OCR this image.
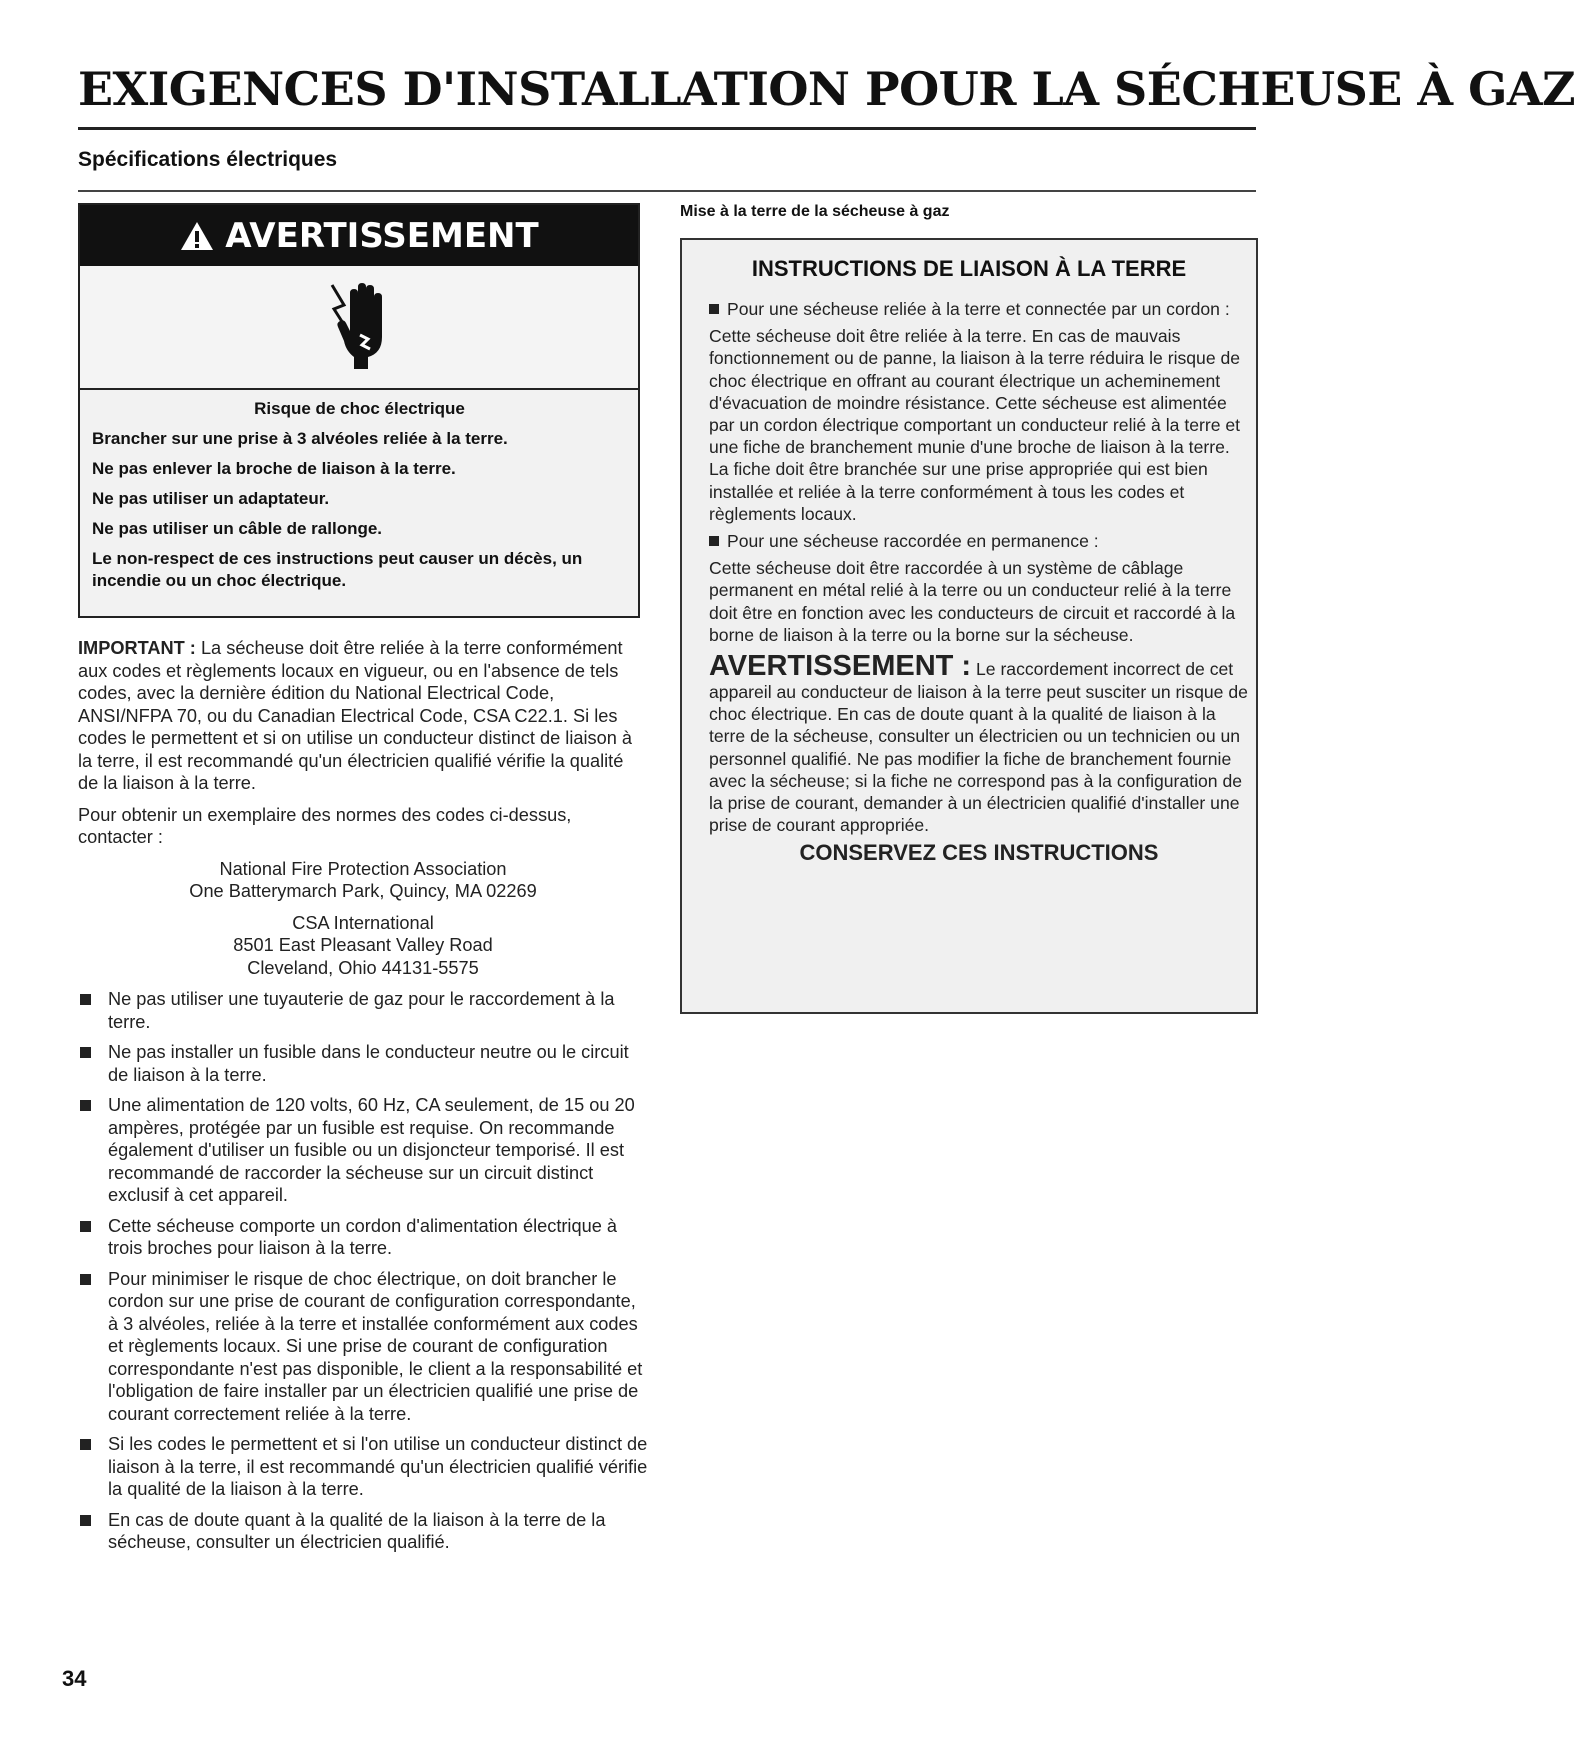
EXIGENCES D'INSTALLATION POUR LA SÉCHEUSE À GAZ
Spécifications électriques
AVERTISSEMENT
Risque de choc électrique
Brancher sur une prise à 3 alvéoles reliée à la terre.
Ne pas enlever la broche de liaison à la terre.
Ne pas utiliser un adaptateur.
Ne pas utiliser un câble de rallonge.
Le non-respect de ces instructions peut causer un décès, un incendie ou un choc électrique.

IMPORTANT : La sécheuse doit être reliée à la terre conformément aux codes et règlements locaux en vigueur, ou en l'absence de tels codes, avec la dernière édition du National Electrical Code, ANSI/NFPA 70, ou du Canadian Electrical Code, CSA C22.1. Si les codes le permettent et si on utilise un conducteur distinct de liaison à la terre, il est recommandé qu'un électricien qualifié vérifie la qualité de la liaison à la terre.

Pour obtenir un exemplaire des normes des codes ci-dessus, contacter :

National Fire Protection Association

One Batterymarch Park, Quincy, MA 02269

CSA International

8501 East Pleasant Valley Road

Cleveland, Ohio 44131-5575

Ne pas utiliser une tuyauterie de gaz pour le raccordement à la terre.
Ne pas installer un fusible dans le conducteur neutre ou le circuit de liaison à la terre.
Une alimentation de 120 volts, 60 Hz, CA seulement, de 15 ou 20 ampères, protégée par un fusible est requise. On recommande également d'utiliser un fusible ou un disjoncteur temporisé. Il est recommandé de raccorder la sécheuse sur un circuit distinct exclusif à cet appareil.
Cette sécheuse comporte un cordon d'alimentation électrique à trois broches pour liaison à la terre.
Pour minimiser le risque de choc électrique, on doit brancher le cordon sur une prise de courant de configuration correspondante, à 3 alvéoles, reliée à la terre et installée conformément aux codes et règlements locaux. Si une prise de courant de configuration correspondante n'est pas disponible, le client a la responsabilité et l'obligation de faire installer par un électricien qualifié une prise de courant correctement reliée à la terre.
Si les codes le permettent et si l'on utilise un conducteur distinct de liaison à la terre, il est recommandé qu'un électricien qualifié vérifie la qualité de la liaison à la terre.
En cas de doute quant à la qualité de la liaison à la terre de la sécheuse, consulter un électricien qualifié.
Mise à la terre de la sécheuse à gaz
INSTRUCTIONS DE LIAISON À LA TERRE

Pour une sécheuse reliée à la terre et connectée par un cordon :

Cette sécheuse doit être reliée à la terre. En cas de mauvais fonctionnement ou de panne, la liaison à la terre réduira le risque de choc électrique en offrant au courant électrique un acheminement d'évacuation de moindre résistance. Cette sécheuse est alimentée par un cordon électrique comportant un conducteur relié à la terre et une fiche de branchement munie d'une broche de liaison à la terre. La fiche doit être branchée sur une prise appropriée qui est bien installée et reliée à la terre conformément à tous les codes et règlements locaux.

Pour une sécheuse raccordée en permanence :

Cette sécheuse doit être raccordée à un système de câblage permanent en métal relié à la terre ou un conducteur relié à la terre doit être en fonction avec les conducteurs de circuit et raccordé à la borne de liaison à la terre ou la borne sur la sécheuse.

AVERTISSEMENT : Le raccordement incorrect de cet appareil au conducteur de liaison à la terre peut susciter un risque de choc électrique. En cas de doute quant à la qualité de liaison à la terre de la sécheuse, consulter un électricien ou un technicien ou un personnel qualifié. Ne pas modifier la fiche de branchement fournie avec la sécheuse; si la fiche ne correspond pas à la configuration de la prise de courant, demander à un électricien qualifié d'installer une prise de courant appropriée.

CONSERVEZ CES INSTRUCTIONS

34
